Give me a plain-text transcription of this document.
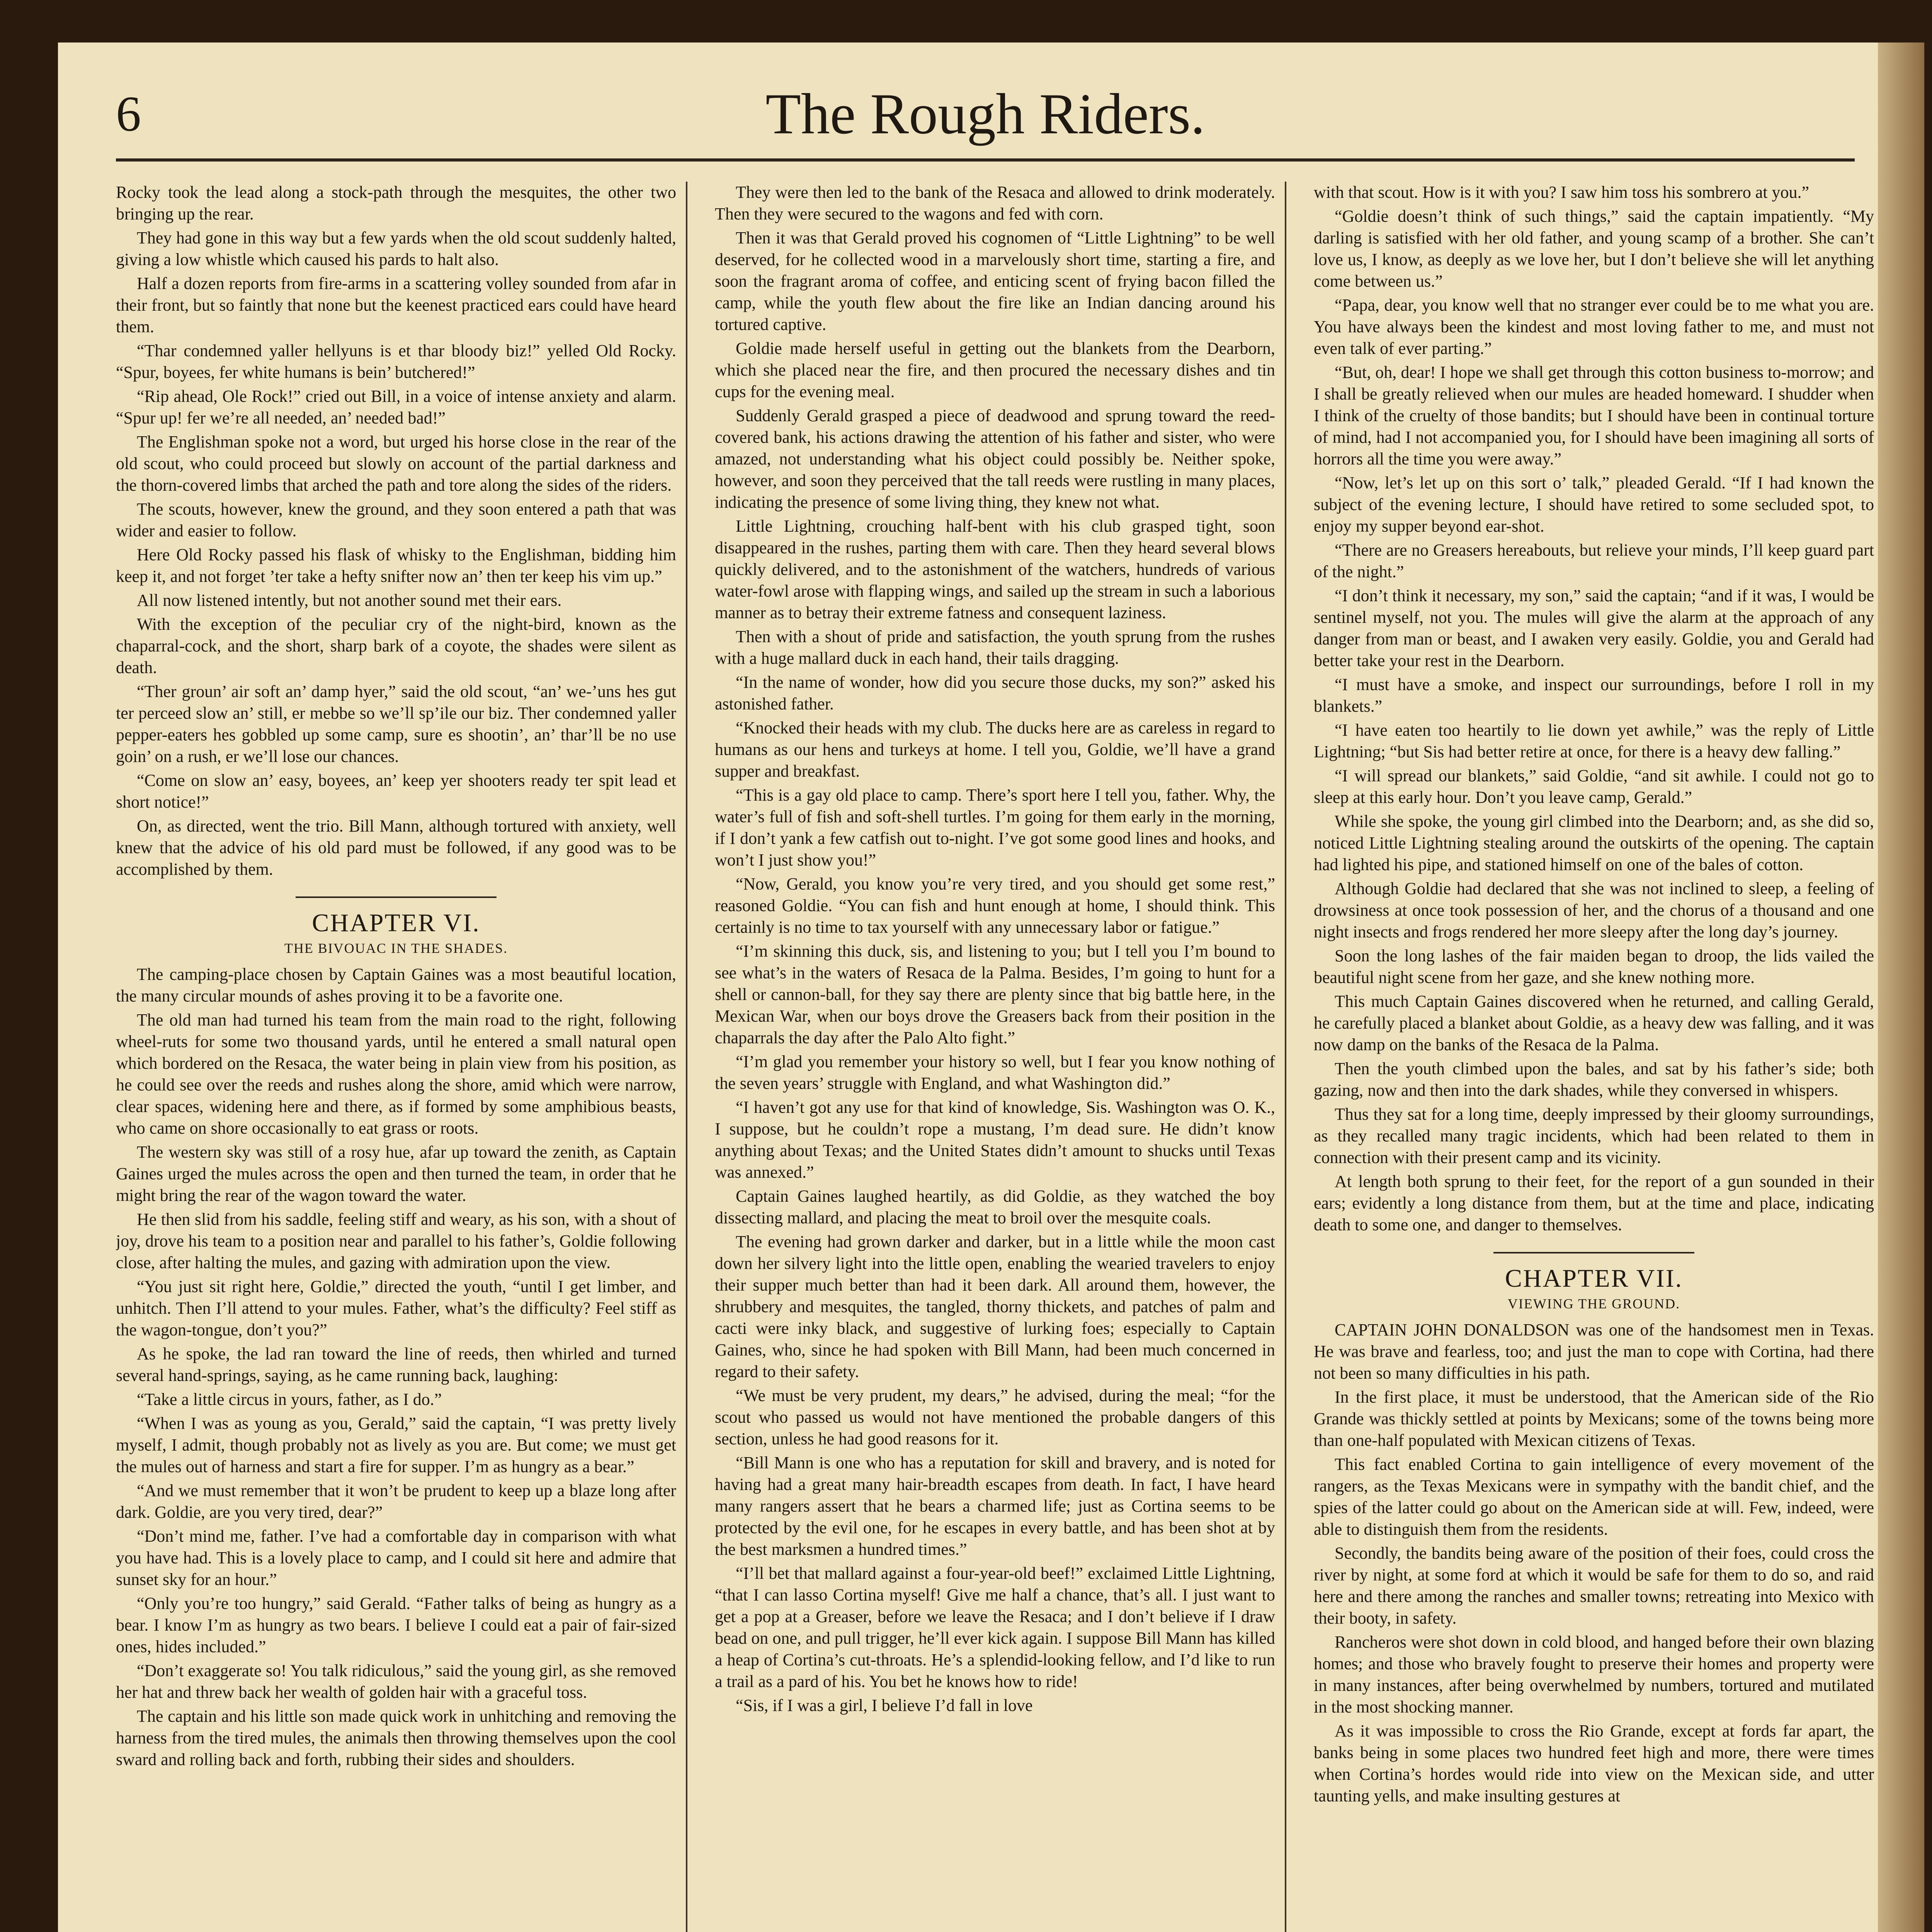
6	The Rough Riders.

Rocky took the lead along a stock-path through the mesquites, the other two bringing up the rear.

They had gone in this way but a few yards when the old scout suddenly halted, giving a low whistle which caused his pards to halt also.

Half a dozen reports from fire-arms in a scattering volley sounded from afar in their front, but so faintly that none but the keenest practiced ears could have heard them.

“Thar condemned yaller hellyuns is et thar bloody biz!” yelled Old Rocky. “Spur, boyees, fer white humans is bein’ butchered!”

“Rip ahead, Ole Rock!” cried out Bill, in a voice of intense anxiety and alarm. “Spur up! fer we’re all needed, an’ needed bad!”

The Englishman spoke not a word, but urged his horse close in the rear of the old scout, who could proceed but slowly on account of the partial darkness and the thorn-covered limbs that arched the path and tore along the sides of the riders.

The scouts, however, knew the ground, and they soon entered a path that was wider and easier to follow.

Here Old Rocky passed his flask of whisky to the Englishman, bidding him keep it, and not forget ’ter take a hefty snifter now an’ then ter keep his vim up.”

All now listened intently, but not another sound met their ears.

With the exception of the peculiar cry of the night-bird, known as the chaparral-cock, and the short, sharp bark of a coyote, the shades were silent as death.

“Ther groun’ air soft an’ damp hyer,” said the old scout, “an’ we-’uns hes gut ter perceed slow an’ still, er mebbe so we’ll sp’ile our biz. Ther condemned yaller pepper-eaters hes gobbled up some camp, sure es shootin’, an’ thar’ll be no use goin’ on a rush, er we’ll lose our chances.

“Come on slow an’ easy, boyees, an’ keep yer shooters ready ter spit lead et short notice!”

On, as directed, went the trio. Bill Mann, although tortured with anxiety, well knew that the advice of his old pard must be followed, if any good was to be accomplished by them.

CHAPTER VI.
THE BIVOUAC IN THE SHADES.

The camping-place chosen by Captain Gaines was a most beautiful location, the many circular mounds of ashes proving it to be a favorite one.

The old man had turned his team from the main road to the right, following wheel-ruts for some two thousand yards, until he entered a small natural open which bordered on the Resaca, the water being in plain view from his position, as he could see over the reeds and rushes along the shore, amid which were narrow, clear spaces, widening here and there, as if formed by some amphibious beasts, who came on shore occasionally to eat grass or roots.

The western sky was still of a rosy hue, afar up toward the zenith, as Captain Gaines urged the mules across the open and then turned the team, in order that he might bring the rear of the wagon toward the water.

He then slid from his saddle, feeling stiff and weary, as his son, with a shout of joy, drove his team to a position near and parallel to his father’s, Goldie following close, after halting the mules, and gazing with admiration upon the view.

“You just sit right here, Goldie,” directed the youth, “until I get limber, and unhitch. Then I’ll attend to your mules. Father, what’s the difficulty? Feel stiff as the wagon-tongue, don’t you?”

As he spoke, the lad ran toward the line of reeds, then whirled and turned several hand-springs, saying, as he came running back, laughing:

“Take a little circus in yours, father, as I do.”

“When I was as young as you, Gerald,” said the captain, “I was pretty lively myself, I admit, though probably not as lively as you are. But come; we must get the mules out of harness and start a fire for supper. I’m as hungry as a bear.”

“And we must remember that it won’t be prudent to keep up a blaze long after dark. Goldie, are you very tired, dear?”

“Don’t mind me, father. I’ve had a comfortable day in comparison with what you have had. This is a lovely place to camp, and I could sit here and admire that sunset sky for an hour.”

“Only you’re too hungry,” said Gerald. “Father talks of being as hungry as a bear. I know I’m as hungry as two bears. I believe I could eat a pair of fair-sized ones, hides included.”

“Don’t exaggerate so! You talk ridiculous,” said the young girl, as she removed her hat and threw back her wealth of golden hair with a graceful toss.

The captain and his little son made quick work in unhitching and removing the harness from the tired mules, the animals then throwing themselves upon the cool sward and rolling back and forth, rubbing their sides and shoulders.

They were then led to the bank of the Resaca and allowed to drink moderately. Then they were secured to the wagons and fed with corn.

Then it was that Gerald proved his cognomen of “Little Lightning” to be well deserved, for he collected wood in a marvelously short time, starting a fire, and soon the fragrant aroma of coffee, and enticing scent of frying bacon filled the camp, while the youth flew about the fire like an Indian dancing around his tortured captive.

Goldie made herself useful in getting out the blankets from the Dearborn, which she placed near the fire, and then procured the necessary dishes and tin cups for the evening meal.

Suddenly Gerald grasped a piece of deadwood and sprung toward the reed-covered bank, his actions drawing the attention of his father and sister, who were amazed, not understanding what his object could possibly be. Neither spoke, however, and soon they perceived that the tall reeds were rustling in many places, indicating the presence of some living thing, they knew not what.

Little Lightning, crouching half-bent with his club grasped tight, soon disappeared in the rushes, parting them with care. Then they heard several blows quickly delivered, and to the astonishment of the watchers, hundreds of various water-fowl arose with flapping wings, and sailed up the stream in such a laborious manner as to betray their extreme fatness and consequent laziness.

Then with a shout of pride and satisfaction, the youth sprung from the rushes with a huge mallard duck in each hand, their tails dragging.

“In the name of wonder, how did you secure those ducks, my son?” asked his astonished father.

“Knocked their heads with my club. The ducks here are as careless in regard to humans as our hens and turkeys at home. I tell you, Goldie, we’ll have a grand supper and breakfast.

“This is a gay old place to camp. There’s sport here I tell you, father. Why, the water’s full of fish and soft-shell turtles. I’m going for them early in the morning, if I don’t yank a few catfish out to-night. I’ve got some good lines and hooks, and won’t I just show you!”

“Now, Gerald, you know you’re very tired, and you should get some rest,” reasoned Goldie. “You can fish and hunt enough at home, I should think. This certainly is no time to tax yourself with any unnecessary labor or fatigue.”

“I’m skinning this duck, sis, and listening to you; but I tell you I’m bound to see what’s in the waters of Resaca de la Palma. Besides, I’m going to hunt for a shell or cannon-ball, for they say there are plenty since that big battle here, in the Mexican War, when our boys drove the Greasers back from their position in the chaparrals the day after the Palo Alto fight.”

“I’m glad you remember your history so well, but I fear you know nothing of the seven years’ struggle with England, and what Washington did.”

“I haven’t got any use for that kind of knowledge, Sis. Washington was O. K., I suppose, but he couldn’t rope a mustang, I’m dead sure. He didn’t know anything about Texas; and the United States didn’t amount to shucks until Texas was annexed.”

Captain Gaines laughed heartily, as did Goldie, as they watched the boy dissecting mallard, and placing the meat to broil over the mesquite coals.

The evening had grown darker and darker, but in a little while the moon cast down her silvery light into the little open, enabling the wearied travelers to enjoy their supper much better than had it been dark. All around them, however, the shrubbery and mesquites, the tangled, thorny thickets, and patches of palm and cacti were inky black, and suggestive of lurking foes; especially to Captain Gaines, who, since he had spoken with Bill Mann, had been much concerned in regard to their safety.

“We must be very prudent, my dears,” he advised, during the meal; “for the scout who passed us would not have mentioned the probable dangers of this section, unless he had good reasons for it.

“Bill Mann is one who has a reputation for skill and bravery, and is noted for having had a great many hair-breadth escapes from death. In fact, I have heard many rangers assert that he bears a charmed life; just as Cortina seems to be protected by the evil one, for he escapes in every battle, and has been shot at by the best marksmen a hundred times.”

“I’ll bet that mallard against a four-year-old beef!” exclaimed Little Lightning, “that I can lasso Cortina myself! Give me half a chance, that’s all. I just want to get a pop at a Greaser, before we leave the Resaca; and I don’t believe if I draw bead on one, and pull trigger, he’ll ever kick again. I suppose Bill Mann has killed a heap of Cortina’s cut-throats. He’s a splendid-looking fellow, and I’d like to run a trail as a pard of his. You bet he knows how to ride!

“Sis, if I was a girl, I believe I’d fall in love

with that scout. How is it with you? I saw him toss his sombrero at you.”

“Goldie doesn’t think of such things,” said the captain impatiently. “My darling is satisfied with her old father, and young scamp of a brother. She can’t love us, I know, as deeply as we love her, but I don’t believe she will let anything come between us.”

“Papa, dear, you know well that no stranger ever could be to me what you are. You have always been the kindest and most loving father to me, and must not even talk of ever parting.”

“But, oh, dear! I hope we shall get through this cotton business to-morrow; and I shall be greatly relieved when our mules are headed homeward. I shudder when I think of the cruelty of those bandits; but I should have been in continual torture of mind, had I not accompanied you, for I should have been imagining all sorts of horrors all the time you were away.”

“Now, let’s let up on this sort o’ talk,” pleaded Gerald. “If I had known the subject of the evening lecture, I should have retired to some secluded spot, to enjoy my supper beyond ear-shot.

“There are no Greasers hereabouts, but relieve your minds, I’ll keep guard part of the night.”

“I don’t think it necessary, my son,” said the captain; “and if it was, I would be sentinel myself, not you. The mules will give the alarm at the approach of any danger from man or beast, and I awaken very easily. Goldie, you and Gerald had better take your rest in the Dearborn.

“I must have a smoke, and inspect our surroundings, before I roll in my blankets.”

“I have eaten too heartily to lie down yet awhile,” was the reply of Little Lightning; “but Sis had better retire at once, for there is a heavy dew falling.”

“I will spread our blankets,” said Goldie, “and sit awhile. I could not go to sleep at this early hour. Don’t you leave camp, Gerald.”

While she spoke, the young girl climbed into the Dearborn; and, as she did so, noticed Little Lightning stealing around the outskirts of the opening. The captain had lighted his pipe, and stationed himself on one of the bales of cotton.

Although Goldie had declared that she was not inclined to sleep, a feeling of drowsiness at once took possession of her, and the chorus of a thousand and one night insects and frogs rendered her more sleepy after the long day’s journey.

Soon the long lashes of the fair maiden began to droop, the lids vailed the beautiful night scene from her gaze, and she knew nothing more.

This much Captain Gaines discovered when he returned, and calling Gerald, he carefully placed a blanket about Goldie, as a heavy dew was falling, and it was now damp on the banks of the Resaca de la Palma.

Then the youth climbed upon the bales, and sat by his father’s side; both gazing, now and then into the dark shades, while they conversed in whispers.

Thus they sat for a long time, deeply impressed by their gloomy surroundings, as they recalled many tragic incidents, which had been related to them in connection with their present camp and its vicinity.

At length both sprung to their feet, for the report of a gun sounded in their ears; evidently a long distance from them, but at the time and place, indicating death to some one, and danger to themselves.

CHAPTER VII.
VIEWING THE GROUND.

CAPTAIN JOHN DONALDSON was one of the handsomest men in Texas. He was brave and fearless, too; and just the man to cope with Cortina, had there not been so many difficulties in his path.

In the first place, it must be understood, that the American side of the Rio Grande was thickly settled at points by Mexicans; some of the towns being more than one-half populated with Mexican citizens of Texas.

This fact enabled Cortina to gain intelligence of every movement of the rangers, as the Texas Mexicans were in sympathy with the bandit chief, and the spies of the latter could go about on the American side at will. Few, indeed, were able to distinguish them from the residents.

Secondly, the bandits being aware of the position of their foes, could cross the river by night, at some ford at which it would be safe for them to do so, and raid here and there among the ranches and smaller towns; retreating into Mexico with their booty, in safety.

Rancheros were shot down in cold blood, and hanged before their own blazing homes; and those who bravely fought to preserve their homes and property were in many instances, after being overwhelmed by numbers, tortured and mutilated in the most shocking manner.

As it was impossible to cross the Rio Grande, except at fords far apart, the banks being in some places two hundred feet high and more, there were times when Cortina’s hordes would ride into view on the Mexican side, and utter taunting yells, and make insulting gestures at
